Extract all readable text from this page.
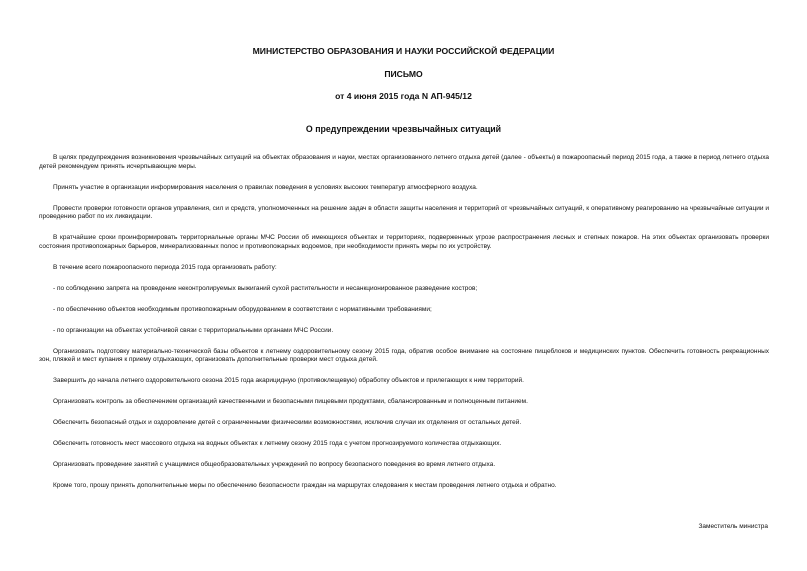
МИНИСТЕРСТВО ОБРАЗОВАНИЯ И НАУКИ РОССИЙСКОЙ ФЕДЕРАЦИИ
ПИСЬМО
от 4 июня 2015 года N АП-945/12
О предупреждении чрезвычайных ситуаций

В целях предупреждения возникновения чрезвычайных ситуаций на объектах образования и науки, местах организованного летнего отдыха детей (далее - объекты) в пожароопасный период 2015 года, а также в период летнего отдыха детей рекомендуем принять исчерпывающие меры.

Принять участие в организации информирования населения о правилах поведения в условиях высоких температур атмосферного воздуха.

Провести проверки готовности органов управления, сил и средств, уполномоченных на решение задач в области защиты населения и территорий от чрезвычайных ситуаций, к оперативному реагированию на чрезвычайные ситуации и проведению работ по их ликвидации.

В кратчайшие сроки проинформировать территориальные органы МЧС России об имеющихся объектах и территориях, подверженных угрозе распространения лесных и степных пожаров. На этих объектах организовать проверки состояния противопожарных барьеров, минерализованных полос и противопожарных водоемов, при необходимости принять меры по их устройству.

В течение всего пожароопасного периода 2015 года организовать работу:

- по соблюдению запрета на проведение неконтролируемых выжиганий сухой растительности и несанкционированное разведение костров;

- по обеспечению объектов необходимым противопожарным оборудованием в соответствии с нормативными требованиями;

- по организации на объектах устойчивой связи с территориальными органами МЧС России.

Организовать подготовку материально-технической базы объектов к летнему оздоровительному сезону 2015 года, обратив особое внимание на состояние пищеблоков и медицинских пунктов. Обеспечить готовность рекреационных зон, пляжей и мест купания к приему отдыхающих, организовать дополнительные проверки мест отдыха детей.

Завершить до начала летнего оздоровительного сезона 2015 года акарицидную (противоклещевую) обработку объектов и прилегающих к ним территорий.

Организовать контроль за обеспечением организаций качественными и безопасными пищевыми продуктами, сбалансированным и полноценным питанием.

Обеспечить безопасный отдых и оздоровление детей с ограниченными физическими возможностями, исключив случаи их отделения от остальных детей.

Обеспечить готовность мест массового отдыха на водных объектах к летнему сезону 2015 года с учетом прогнозируемого количества отдыхающих.

Организовать проведение занятий с учащимися общеобразовательных учреждений по вопросу безопасного поведения во время летнего отдыха.

Кроме того, прошу принять дополнительные меры по обеспечению безопасности граждан на маршрутах следования к местам проведения летнего отдыха и обратно.

Заместитель министра
